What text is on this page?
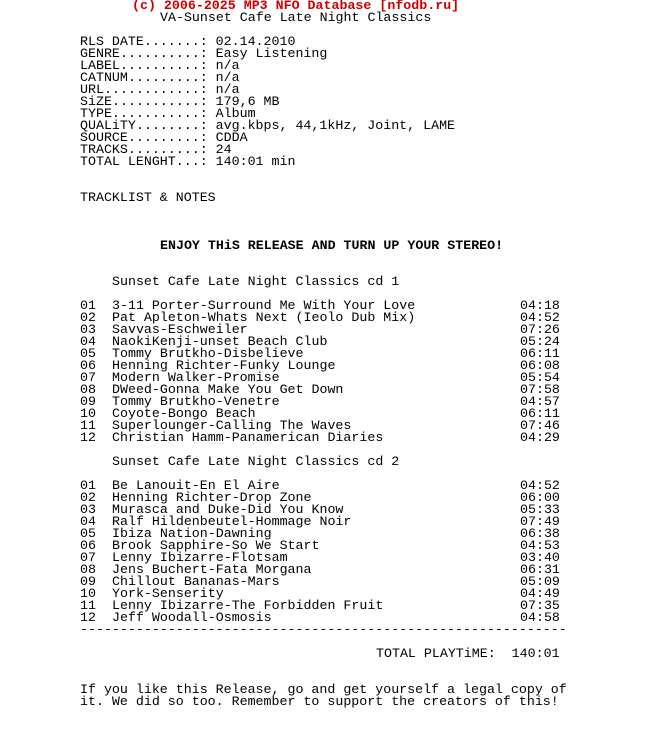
(c) 2006-2025 MP3 NFO Database [nfodb.ru]
VA-Sunset Cafe Late Night Classics
RLS DATE.......: 02.14.2010
GENRE..........: Easy Listening
LABEL..........: n/a
CATNUM.........: n/a
URL............: n/a
SiZE...........: 179,6 MB
TYPE...........: Album
QUALiTY........: avg.kbps, 44,1kHz, Joint, LAME
SOURCE.........: CDDA
TRACKS.........: 24
TOTAL LENGHT...: 140:01 min
TRACKLIST & NOTES
ENJOY THiS RELEASE AND TURN UP YOUR STEREO!
Sunset Cafe Late Night Classics cd 1
01 3-11 Porter-Surround Me With Your Love	04:18
02 Pat Apleton-Whats Next (Ieolo Dub Mix)	04:52
03 Savvas-Eschweiler	07:26
04 NaokiKenji-unset Beach Club	05:24
05 Tommy Brutkho-Disbelieve	06:11
06 Henning Richter-Funky Lounge	06:08
07 Modern Walker-Promise	05:54
08 DWeed-Gonna Make You Get Down	07:58
09 Tommy Brutkho-Venetre	04:57
10 Coyote-Bongo Beach	06:11
11 Superlounger-Calling The Waves	07:46
12 Christian Hamm-Panamerican Diaries	04:29
Sunset Cafe Late Night Classics cd 2
01 Be Lanouit-En El Aire	04:52
02 Henning Richter-Drop Zone	06:00
03 Murasca and Duke-Did You Know	05:33
04 Ralf Hildenbeutel-Hommage Noir	07:49
05 Ibiza Nation-Dawning	06:38
06 Brook Sapphire-So We Start	04:53
07 Lenny Ibizarre-Flotsam	03:40
08 Jens Buchert-Fata Morgana	06:31
09 Chillout Bananas-Mars	05:09
10 York-Senserity	04:49
11 Lenny Ibizarre-The Forbidden Fruit	07:35
12 Jeff Woodall-Osmosis	04:58
-------------------------------------------------------------
TOTAL PLAYTiME: 140:01
If you like this Release, go and get yourself a legal copy of
it. We did so too. Remember to support the creators of this!
